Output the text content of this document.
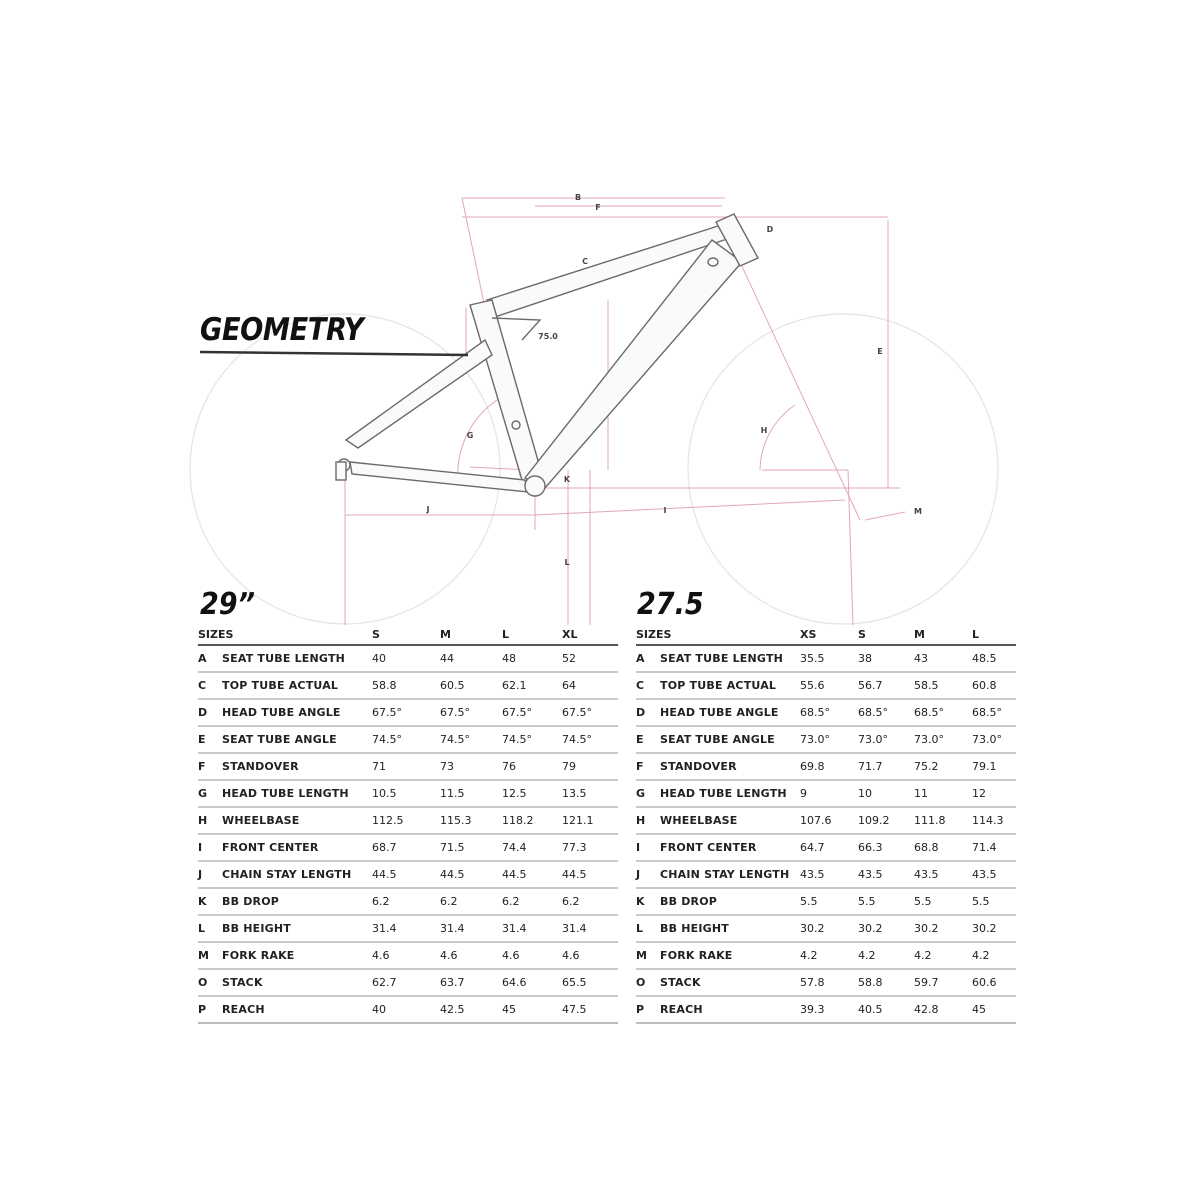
B
F
C
D
E
H
75.0
G
J	I
K
L
M
GEOMETRY
29”
SIZES		S	M	L	XL
A	SEAT TUBE LENGTH	40	44	48	52
C	TOP TUBE ACTUAL	58.8	60.5	62.1	64
D	HEAD TUBE ANGLE	67.5°	67.5°	67.5°	67.5°
E	SEAT TUBE ANGLE	74.5°	74.5°	74.5°	74.5°
F	STANDOVER	71	73	76	79
G	HEAD TUBE LENGTH	10.5	11.5	12.5	13.5
H	WHEELBASE	112.5	115.3	118.2	121.1
I	FRONT CENTER	68.7	71.5	74.4	77.3
J	CHAIN STAY LENGTH	44.5	44.5	44.5	44.5
K	BB DROP	6.2	6.2	6.2	6.2
L	BB HEIGHT	31.4	31.4	31.4	31.4
M	FORK RAKE	4.6	4.6	4.6	4.6
O	STACK	62.7	63.7	64.6	65.5
P	REACH	40	42.5	45	47.5
27.5
SIZES		XS	S	M	L
A	SEAT TUBE LENGTH	35.5	38	43	48.5
C	TOP TUBE ACTUAL	55.6	56.7	58.5	60.8
D	HEAD TUBE ANGLE	68.5°	68.5°	68.5°	68.5°
E	SEAT TUBE ANGLE	73.0°	73.0°	73.0°	73.0°
F	STANDOVER	69.8	71.7	75.2	79.1
G	HEAD TUBE LENGTH	9	10	11	12
H	WHEELBASE	107.6	109.2	111.8	114.3
I	FRONT CENTER	64.7	66.3	68.8	71.4
J	CHAIN STAY LENGTH	43.5	43.5	43.5	43.5
K	BB DROP	5.5	5.5	5.5	5.5
L	BB HEIGHT	30.2	30.2	30.2	30.2
M	FORK RAKE	4.2	4.2	4.2	4.2
O	STACK	57.8	58.8	59.7	60.6
P	REACH	39.3	40.5	42.8	45
